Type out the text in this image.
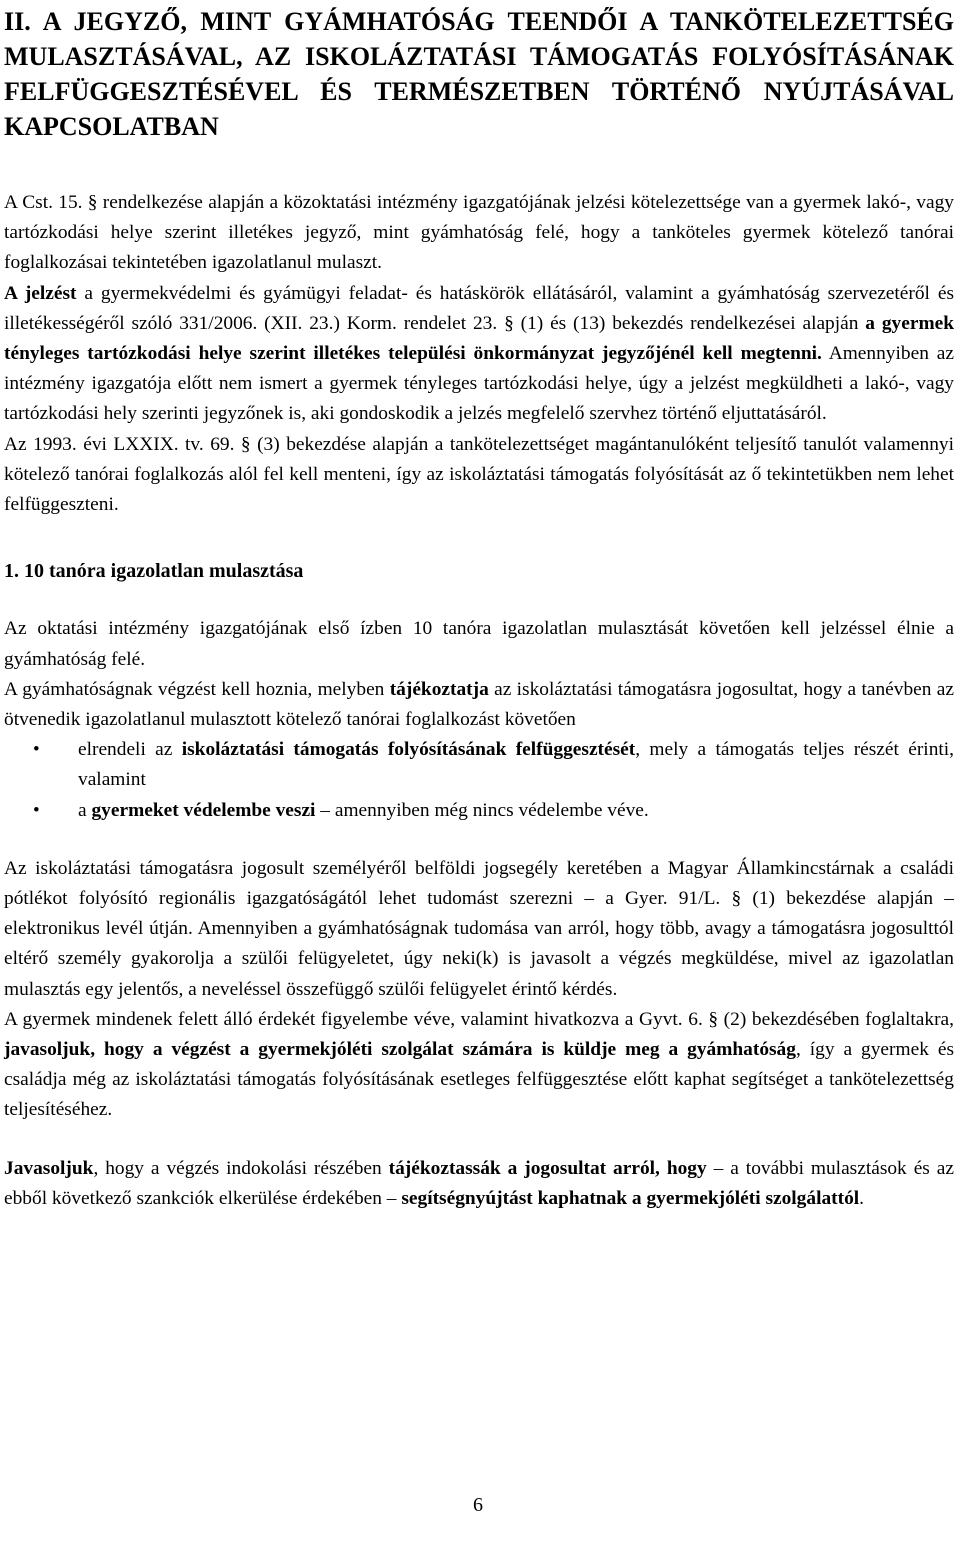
II. A JEGYZŐ, MINT GYÁMHATÓSÁG TEENDŐI A TANKÖTELEZETTSÉG MULASZTÁSÁVAL, AZ ISKOLÁZTATÁSI TÁMOGATÁS FOLYÓSÍTÁSÁNAK FELFÜGGESZTÉSÉVEL ÉS TERMÉSZETBEN TÖRTÉNŐ NYÚJTÁSÁVAL KAPCSOLATBAN

A Cst. 15. § rendelkezése alapján a közoktatási intézmény igazgatójának jelzési kötelezettsége van a gyermek lakó-, vagy tartózkodási helye szerint illetékes jegyző, mint gyámhatóság felé, hogy a tanköteles gyermek kötelező tanórai foglalkozásai tekintetében igazolatlanul mulaszt.

A jelzést a gyermekvédelmi és gyámügyi feladat- és hatáskörök ellátásáról, valamint a gyámhatóság szervezetéről és illetékességéről szóló 331/2006. (XII. 23.) Korm. rendelet 23. § (1) és (13) bekezdés rendelkezései alapján a gyermek tényleges tartózkodási helye szerint illetékes települési önkormányzat jegyzőjénél kell megtenni. Amennyiben az intézmény igazgatója előtt nem ismert a gyermek tényleges tartózkodási helye, úgy a jelzést megküldheti a lakó-, vagy tartózkodási hely szerinti jegyzőnek is, aki gondoskodik a jelzés megfelelő szervhez történő eljuttatásáról.

Az 1993. évi LXXIX. tv. 69. § (3) bekezdése alapján a tankötelezettséget magántanulóként teljesítő tanulót valamennyi kötelező tanórai foglalkozás alól fel kell menteni, így az iskoláztatási támogatás folyósítását az ő tekintetükben nem lehet felfüggeszteni.

1. 10 tanóra igazolatlan mulasztása

Az oktatási intézmény igazgatójának első ízben 10 tanóra igazolatlan mulasztását követően kell jelzéssel élnie a gyámhatóság felé.

A gyámhatóságnak végzést kell hoznia, melyben tájékoztatja az iskoláztatási támogatásra jogosultat, hogy a tanévben az ötvenedik igazolatlanul mulasztott kötelező tanórai foglalkozást követően

• elrendeli az iskoláztatási támogatás folyósításának felfüggesztését, mely a támogatás teljes részét érinti, valamint
• a gyermeket védelembe veszi – amennyiben még nincs védelembe véve.

Az iskoláztatási támogatásra jogosult személyéről belföldi jogsegély keretében a Magyar Államkincstárnak a családi pótlékot folyósító regionális igazgatóságától lehet tudomást szerezni – a Gyer. 91/L. § (1) bekezdése alapján – elektronikus levél útján. Amennyiben a gyámhatóságnak tudomása van arról, hogy több, avagy a támogatásra jogosulttól eltérő személy gyakorolja a szülői felügyeletet, úgy neki(k) is javasolt a végzés megküldése, mivel az igazolatlan mulasztás egy jelentős, a neveléssel összefüggő szülői felügyelet érintő kérdés.

A gyermek mindenek felett álló érdekét figyelembe véve, valamint hivatkozva a Gyvt. 6. § (2) bekezdésében foglaltakra, javasoljuk, hogy a végzést a gyermekjóléti szolgálat számára is küldje meg a gyámhatóság, így a gyermek és családja még az iskoláztatási támogatás folyósításának esetleges felfüggesztése előtt kaphat segítséget a tankötelezettség teljesítéséhez.

Javasoljuk, hogy a végzés indokolási részében tájékoztassák a jogosultat arról, hogy – a további mulasztások és az ebből következő szankciók elkerülése érdekében – segítségnyújtást kaphatnak a gyermekjóléti szolgálattól.

6
